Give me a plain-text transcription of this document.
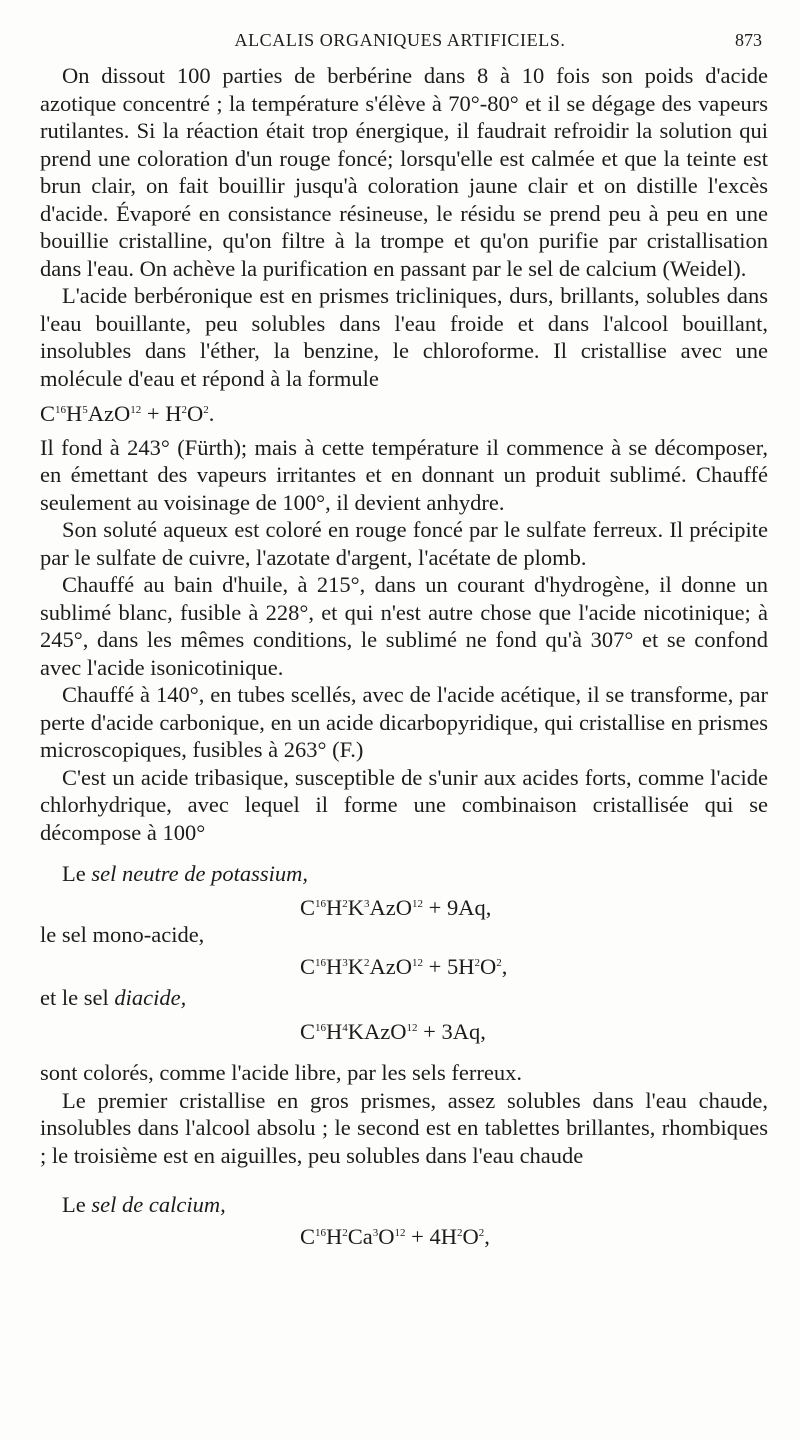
ALCALIS ORGANIQUES ARTIFICIELS.	873

On dissout 100 parties de berbérine dans 8 à 10 fois son poids d'acide azotique concentré ; la température s'élève à 70°-80° et il se dégage des vapeurs rutilantes. Si la réaction était trop énergique, il faudrait refroidir la solution qui prend une coloration d'un rouge foncé; lorsqu'elle est calmée et que la teinte est brun clair, on fait bouillir jusqu'à coloration jaune clair et on distille l'excès d'acide. Évaporé en consistance résineuse, le résidu se prend peu à peu en une bouillie cristalline, qu'on filtre à la trompe et qu'on purifie par cristallisation dans l'eau. On achève la purification en passant par le sel de calcium (Weidel).

L'acide berbéronique est en prismes tricliniques, durs, brillants, solubles dans l'eau bouillante, peu solubles dans l'eau froide et dans l'alcool bouillant, insolubles dans l'éther, la benzine, le chloroforme. Il cristallise avec une molécule d'eau et répond à la formule

$C^{16}H^5AzO^{12} + H^2O^2$.

Il fond à 243° (Fürth); mais à cette température il commence à se décomposer, en émettant des vapeurs irritantes et en donnant un produit sublimé. Chauffé seulement au voisinage de 100°, il devient anhydre.

Son soluté aqueux est coloré en rouge foncé par le sulfate ferreux. Il précipite par le sulfate de cuivre, l'azotate d'argent, l'acétate de plomb.

Chauffé au bain d'huile, à 215°, dans un courant d'hydrogène, il donne un sublimé blanc, fusible à 228°, et qui n'est autre chose que l'acide nicotinique; à 245°, dans les mêmes conditions, le sublimé ne fond qu'à 307° et se confond avec l'acide isonicotinique.

Chauffé à 140°, en tubes scellés, avec de l'acide acétique, il se transforme, par perte d'acide carbonique, en un acide dicarbopyridique, qui cristallise en prismes microscopiques, fusibles à 263° (F.)

C'est un acide tribasique, susceptible de s'unir aux acides forts, comme l'acide chlorhydrique, avec lequel il forme une combinaison cristallisée qui se décompose à 100°

Le sel neutre de potassium,

$C^{16}H^2K^3AzO^{12} + 9Aq$,

le sel mono-acide,

$C^{16}H^3K^2AzO^{12} + 5H^2O^2$,

et le sel diacide,

$C^{16}H^4KAzO^{12} + 3Aq$,

sont colorés, comme l'acide libre, par les sels ferreux.

Le premier cristallise en gros prismes, assez solubles dans l'eau chaude, insolubles dans l'alcool absolu ; le second est en tablettes brillantes, rhombiques ; le troisième est en aiguilles, peu solubles dans l'eau chaude

Le sel de calcium,

$C^{16}H^2Ca^3O^{12} + 4H^2O^2$,
